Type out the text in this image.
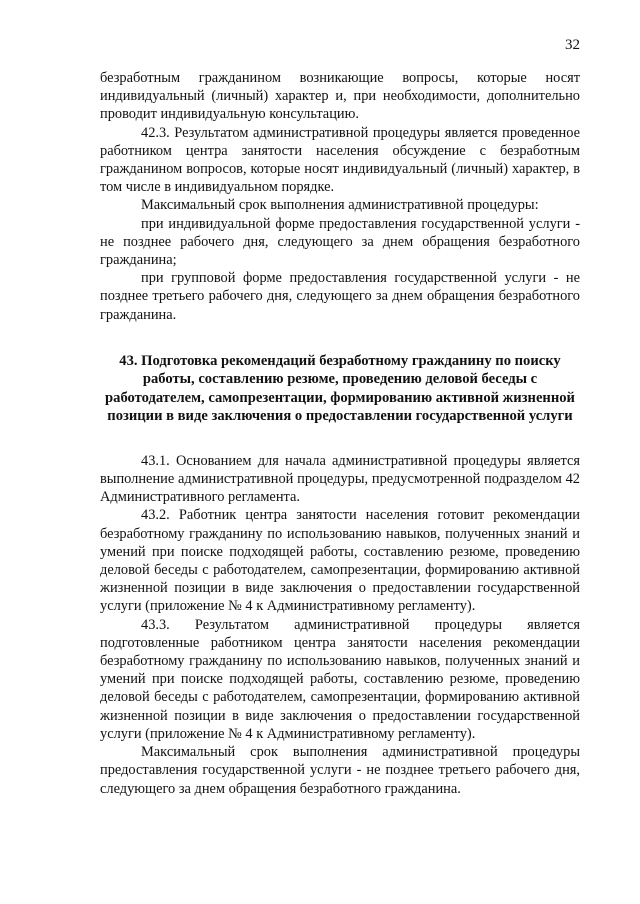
32

безработным гражданином возникающие вопросы, которые носят индивидуальный (личный) характер и, при необходимости, дополнительно проводит индивидуальную консультацию.

42.3. Результатом административной процедуры является проведенное работником центра занятости населения обсуждение с безработным гражданином вопросов, которые носят индивидуальный (личный) характер, в том числе в индивидуальном порядке.

Максимальный срок выполнения административной процедуры:

при индивидуальной форме предоставления государственной услуги - не позднее рабочего дня, следующего за днем обращения безработного гражданина;

при групповой форме предоставления государственной услуги - не позднее третьего рабочего дня, следующего за днем обращения безработного гражданина.

43. Подготовка рекомендаций безработному гражданину по поиску работы, составлению резюме, проведению деловой беседы с работодателем, самопрезентации, формированию активной жизненной позиции в виде заключения о предоставлении государственной услуги

43.1. Основанием для начала административной процедуры является выполнение административной процедуры, предусмотренной подразделом 42 Административного регламента.

43.2. Работник центра занятости населения готовит рекомендации безработному гражданину по использованию навыков, полученных знаний и умений при поиске подходящей работы, составлению резюме, проведению деловой беседы с работодателем, самопрезентации, формированию активной жизненной позиции в виде заключения о предоставлении государственной услуги (приложение № 4 к Административному регламенту).

43.3. Результатом административной процедуры является подготовленные работником центра занятости населения рекомендации безработному гражданину по использованию навыков, полученных знаний и умений при поиске подходящей работы, составлению резюме, проведению деловой беседы с работодателем, самопрезентации, формированию активной жизненной позиции в виде заключения о предоставлении государственной услуги (приложение № 4 к Административному регламенту).

Максимальный срок выполнения административной процедуры предоставления государственной услуги - не позднее третьего рабочего дня, следующего за днем обращения безработного гражданина.
